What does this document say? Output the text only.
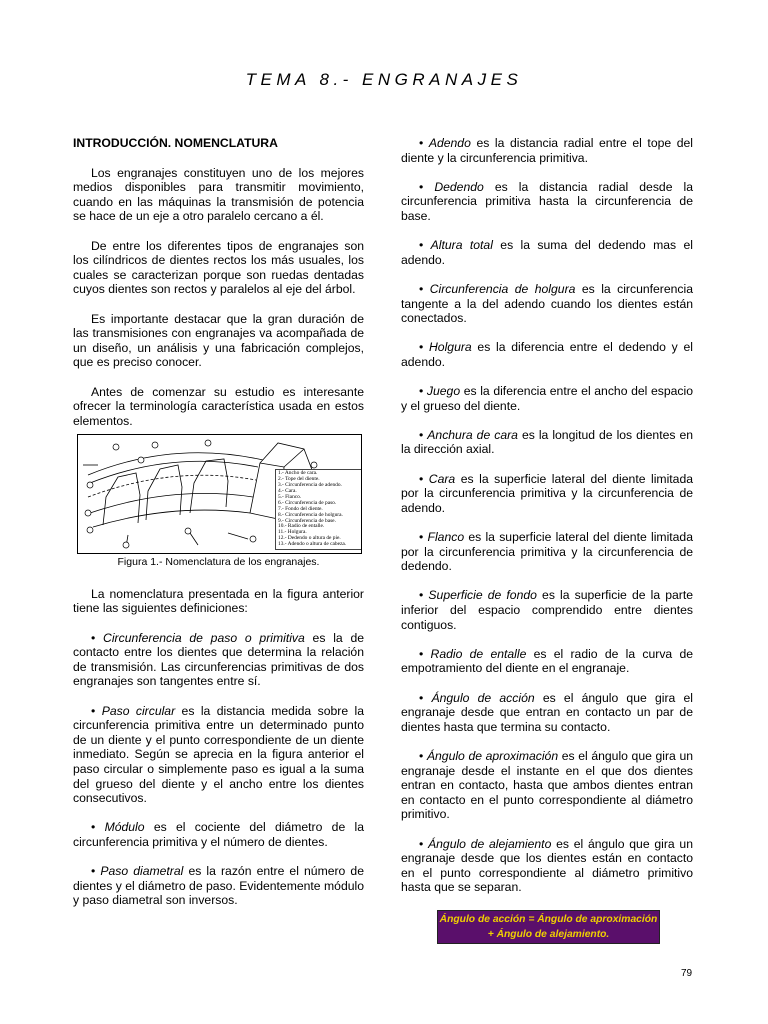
TEMA 8.- ENGRANAJES
INTRODUCCIÓN. NOMENCLATURA

Los engranajes constituyen uno de los mejores medios disponibles para transmitir movimiento, cuando en las máquinas la transmisión de potencia se hace de un eje a otro paralelo cercano a él.

De entre los diferentes tipos de engranajes son los cilíndricos de dientes rectos los más usuales, los cuales se caracterizan porque son ruedas dentadas cuyos dientes son rectos y paralelos al eje del árbol.

Es importante destacar que la gran duración de las transmisiones con engranajes va acompañada de un diseño, un análisis y una fabricación complejos, que es preciso conocer.

Antes de comenzar su estudio es interesante ofrecer la terminología característica usada en estos elementos.

1.- Ancho de cara.
2.- Tope del diente.
3.- Circunferencia de adendo.
4.- Cara.
5.- Flanco.
6.- Circunferencia de paso.
7.- Fondo del diente.
8.- Circunferencia de holgura.
9.- Circunferencia de base.
10.- Radio de entalle.
11.- Holgura.
12.- Dedendo o altura de pie.
13.- Adendo o altura de cabeza.
Figura 1.- Nomenclatura de los engranajes.

La nomenclatura presentada en la figura anterior tiene las siguientes definiciones:

• Circunferencia de paso o primitiva es la de contacto entre los dientes que determina la relación de transmisión. Las circunferencias primitivas de dos engranajes son tangentes entre sí.

• Paso circular es la distancia medida sobre la circunferencia primitiva entre un determinado punto de un diente y el punto correspondiente de un diente inmediato. Según se aprecia en la figura anterior el paso circular o simplemente paso es igual a la suma del grueso del diente y el ancho entre los dientes consecutivos.

• Módulo es el cociente del diámetro de la circunferencia primitiva y el número de dientes.

• Paso diametral es la razón entre el número de dientes y el diámetro de paso. Evidentemente módulo y paso diametral son inversos.

• Adendo es la distancia radial entre el tope del diente y la circunferencia primitiva.

• Dedendo es la distancia radial desde la circunferencia primitiva hasta la circunferencia de base.

• Altura total es la suma del dedendo mas el adendo.

• Circunferencia de holgura es la circunferencia tangente a la del adendo cuando los dientes están conectados.

• Holgura es la diferencia entre el dedendo y el adendo.

• Juego es la diferencia entre el ancho del espacio y el grueso del diente.

• Anchura de cara es la longitud de los dientes en la dirección axial.

• Cara es la superficie lateral del diente limitada por la circunferencia primitiva y la circunferencia de adendo.

• Flanco es la superficie lateral del diente limitada por la circunferencia primitiva y la circunferencia de dedendo.

• Superficie de fondo es la superficie de la parte inferior del espacio comprendido entre dientes contiguos.

• Radio de entalle es el radio de la curva de empotramiento del diente en el engranaje.

• Ángulo de acción es el ángulo que gira el engranaje desde que entran en contacto un par de dientes hasta que termina su contacto.

• Ángulo de aproximación es el ángulo que gira un engranaje desde el instante en el que dos dientes entran en contacto, hasta que ambos dientes entran en contacto en el punto correspondiente al diámetro primitivo.

• Ángulo de alejamiento es el ángulo que gira un engranaje desde que los dientes están en contacto en el punto correspondiente al diámetro primitivo hasta que se separan.

Ángulo de acción = Ángulo de aproximación + Ángulo de alejamiento.
79
